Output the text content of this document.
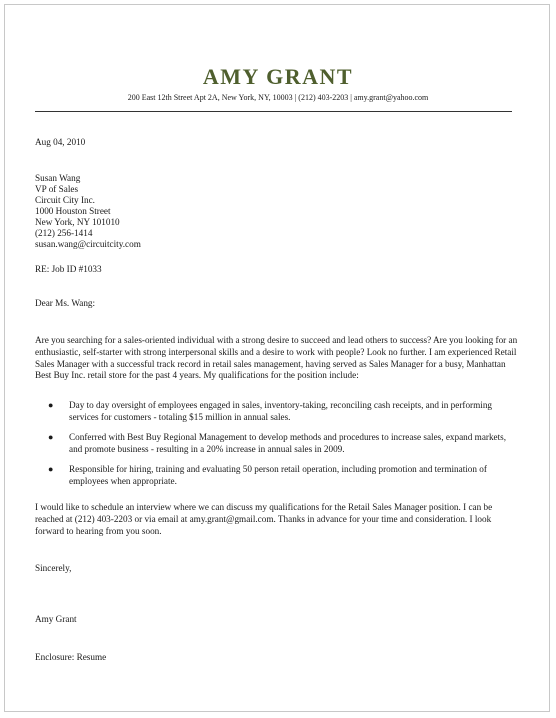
AMY GRANT
200 East 12th Street Apt 2A, New York, NY, 10003 | (212) 403-2203 | amy.grant@yahoo.com
Aug 04, 2010
Susan Wang
VP of Sales
Circuit City Inc.
1000 Houston Street
New York, NY 101010
(212) 256-1414
susan.wang@circuitcity.com
RE: Job ID #1033
Dear Ms. Wang:
Are you searching for a sales-oriented individual with a strong desire to succeed and lead others to success? Are you looking for an enthusiastic, self-starter with strong interpersonal skills and a desire to work with people? Look no further. I am experienced Retail Sales Manager with a successful track record in retail sales management, having served as Sales Manager for a busy, Manhattan Best Buy Inc. retail store for the past 4 years. My qualifications for the position include:
● Day to day oversight of employees engaged in sales, inventory-taking, reconciling cash receipts, and in performing services for customers - totaling $15 million in annual sales.
● Conferred with Best Buy Regional Management to develop methods and procedures to increase sales, expand markets, and promote business - resulting in a 20% increase in annual sales in 2009.
● Responsible for hiring, training and evaluating 50 person retail operation, including promotion and termination of employees when appropriate.
I would like to schedule an interview where we can discuss my qualifications for the Retail Sales Manager position. I can be reached at (212) 403-2203 or via email at amy.grant@gmail.com. Thanks in advance for your time and consideration. I look forward to hearing from you soon.
Sincerely,
Amy Grant
Enclosure: Resume
